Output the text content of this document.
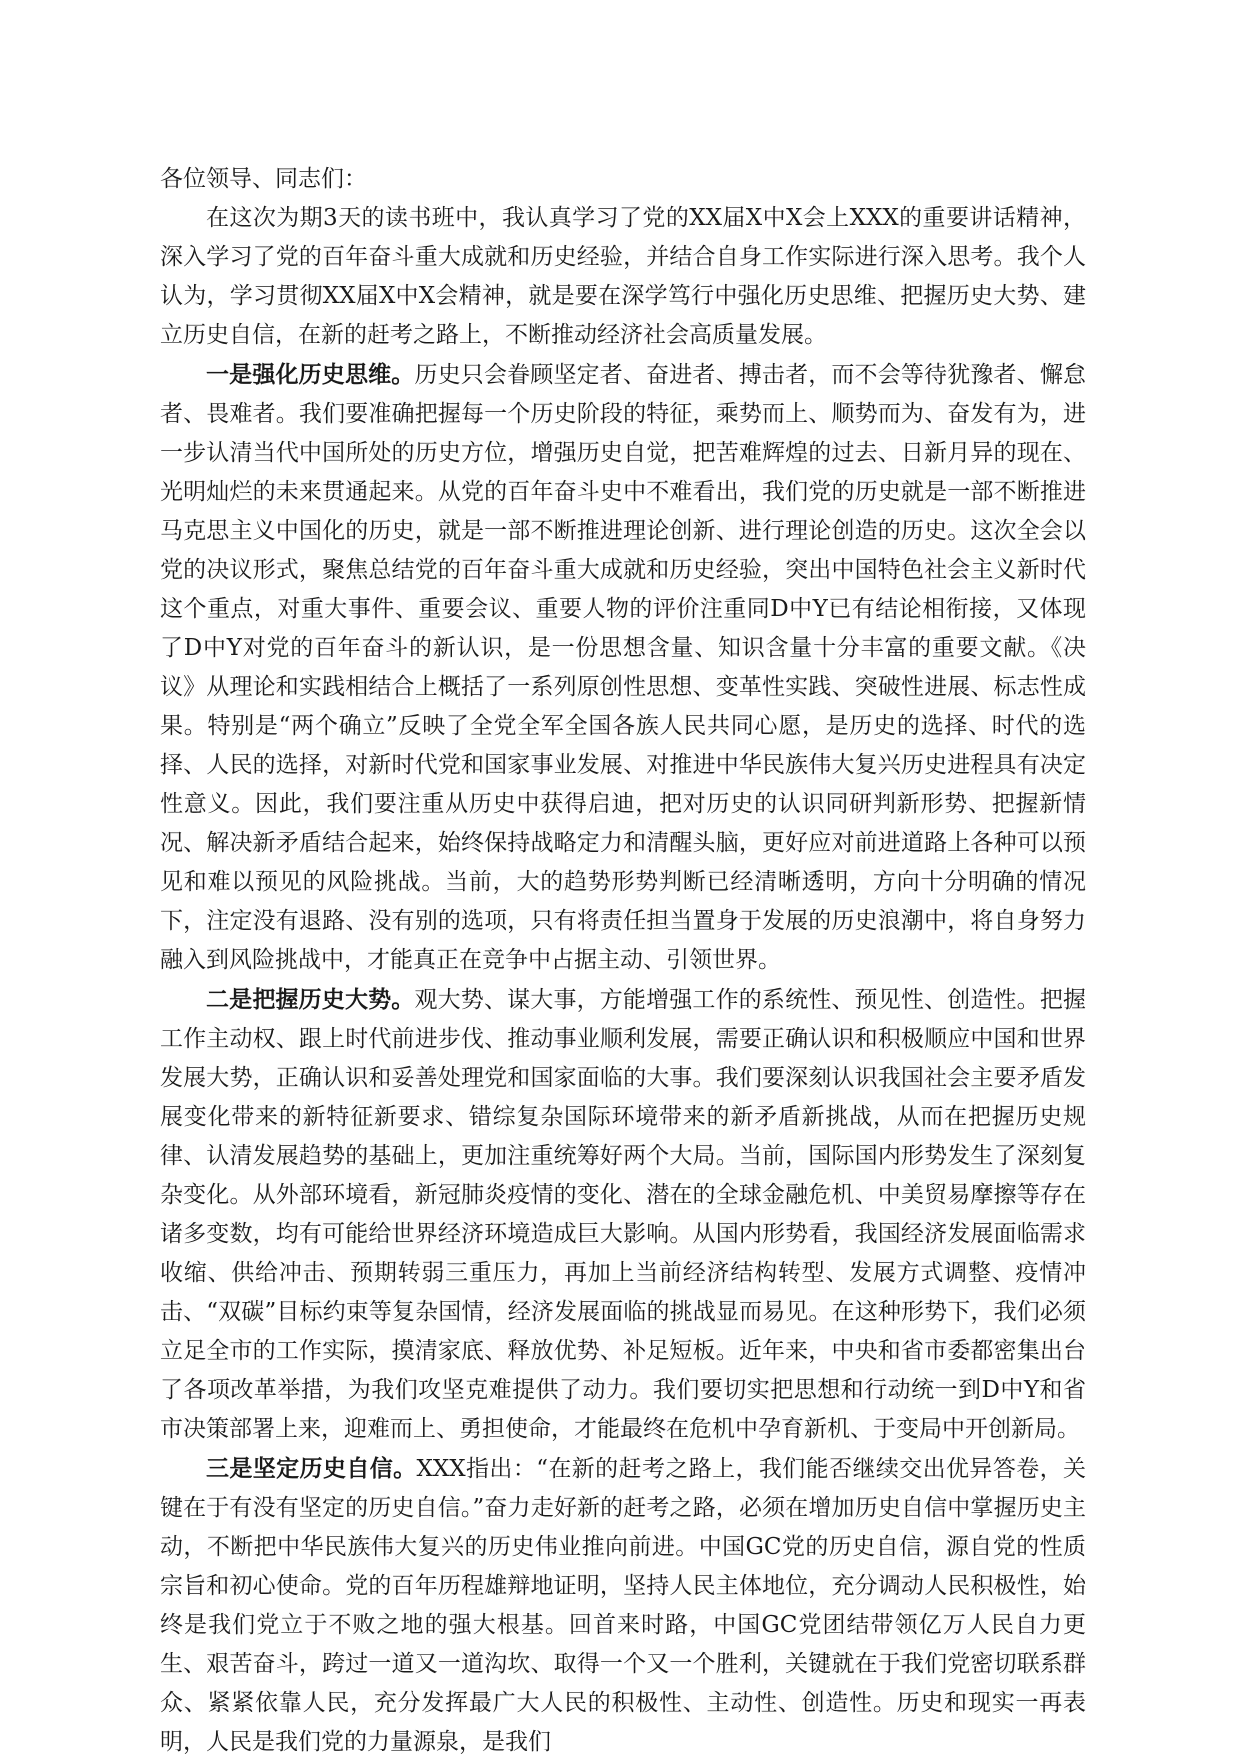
各位领导、同志们：

在这次为期3天的读书班中，我认真学习了党的XX届X中X会上XXX的重要讲话精神，深入学习了党的百年奋斗重大成就和历史经验，并结合自身工作实际进行深入思考。我个人认为，学习贯彻XX届X中X会精神，就是要在深学笃行中强化历史思维、把握历史大势、建立历史自信，在新的赶考之路上，不断推动经济社会高质量发展。

一是强化历史思维。历史只会眷顾坚定者、奋进者、搏击者，而不会等待犹豫者、懈怠者、畏难者。我们要准确把握每一个历史阶段的特征，乘势而上、顺势而为、奋发有为，进一步认清当代中国所处的历史方位，增强历史自觉，把苦难辉煌的过去、日新月异的现在、光明灿烂的未来贯通起来。从党的百年奋斗史中不难看出，我们党的历史就是一部不断推进马克思主义中国化的历史，就是一部不断推进理论创新、进行理论创造的历史。这次全会以党的决议形式，聚焦总结党的百年奋斗重大成就和历史经验，突出中国特色社会主义新时代这个重点，对重大事件、重要会议、重要人物的评价注重同D中Y已有结论相衔接，又体现了D中Y对党的百年奋斗的新认识，是一份思想含量、知识含量十分丰富的重要文献。《决议》从理论和实践相结合上概括了一系列原创性思想、变革性实践、突破性进展、标志性成果。特别是“两个确立”反映了全党全军全国各族人民共同心愿，是历史的选择、时代的选择、人民的选择，对新时代党和国家事业发展、对推进中华民族伟大复兴历史进程具有决定性意义。因此，我们要注重从历史中获得启迪，把对历史的认识同研判新形势、把握新情况、解决新矛盾结合起来，始终保持战略定力和清醒头脑，更好应对前进道路上各种可以预见和难以预见的风险挑战。当前，大的趋势形势判断已经清晰透明，方向十分明确的情况下，注定没有退路、没有别的选项，只有将责任担当置身于发展的历史浪潮中，将自身努力融入到风险挑战中，才能真正在竞争中占据主动、引领世界。

二是把握历史大势。观大势、谋大事，方能增强工作的系统性、预见性、创造性。把握工作主动权、跟上时代前进步伐、推动事业顺利发展，需要正确认识和积极顺应中国和世界发展大势，正确认识和妥善处理党和国家面临的大事。我们要深刻认识我国社会主要矛盾发展变化带来的新特征新要求、错综复杂国际环境带来的新矛盾新挑战，从而在把握历史规律、认清发展趋势的基础上，更加注重统筹好两个大局。当前，国际国内形势发生了深刻复杂变化。从外部环境看，新冠肺炎疫情的变化、潜在的全球金融危机、中美贸易摩擦等存在诸多变数，均有可能给世界经济环境造成巨大影响。从国内形势看，我国经济发展面临需求收缩、供给冲击、预期转弱三重压力，再加上当前经济结构转型、发展方式调整、疫情冲击、“双碳”目标约束等复杂国情，经济发展面临的挑战显而易见。在这种形势下，我们必须立足全市的工作实际，摸清家底、释放优势、补足短板。近年来，中央和省市委都密集出台了各项改革举措，为我们攻坚克难提供了动力。我们要切实把思想和行动统一到D中Y和省市决策部署上来，迎难而上、勇担使命，才能最终在危机中孕育新机、于变局中开创新局。

三是坚定历史自信。XXX指出：“在新的赶考之路上，我们能否继续交出优异答卷，关键在于有没有坚定的历史自信。”奋力走好新的赶考之路，必须在增加历史自信中掌握历史主动，不断把中华民族伟大复兴的历史伟业推向前进。中国GC党的历史自信，源自党的性质宗旨和初心使命。党的百年历程雄辩地证明，坚持人民主体地位，充分调动人民积极性，始终是我们党立于不败之地的强大根基。回首来时路，中国GC党团结带领亿万人民自力更生、艰苦奋斗，跨过一道又一道沟坎、取得一个又一个胜利，关键就在于我们党密切联系群众、紧紧依靠人民，充分发挥最广大人民的积极性、主动性、创造性。历史和现实一再表明，人民是我们党的力量源泉，是我们
